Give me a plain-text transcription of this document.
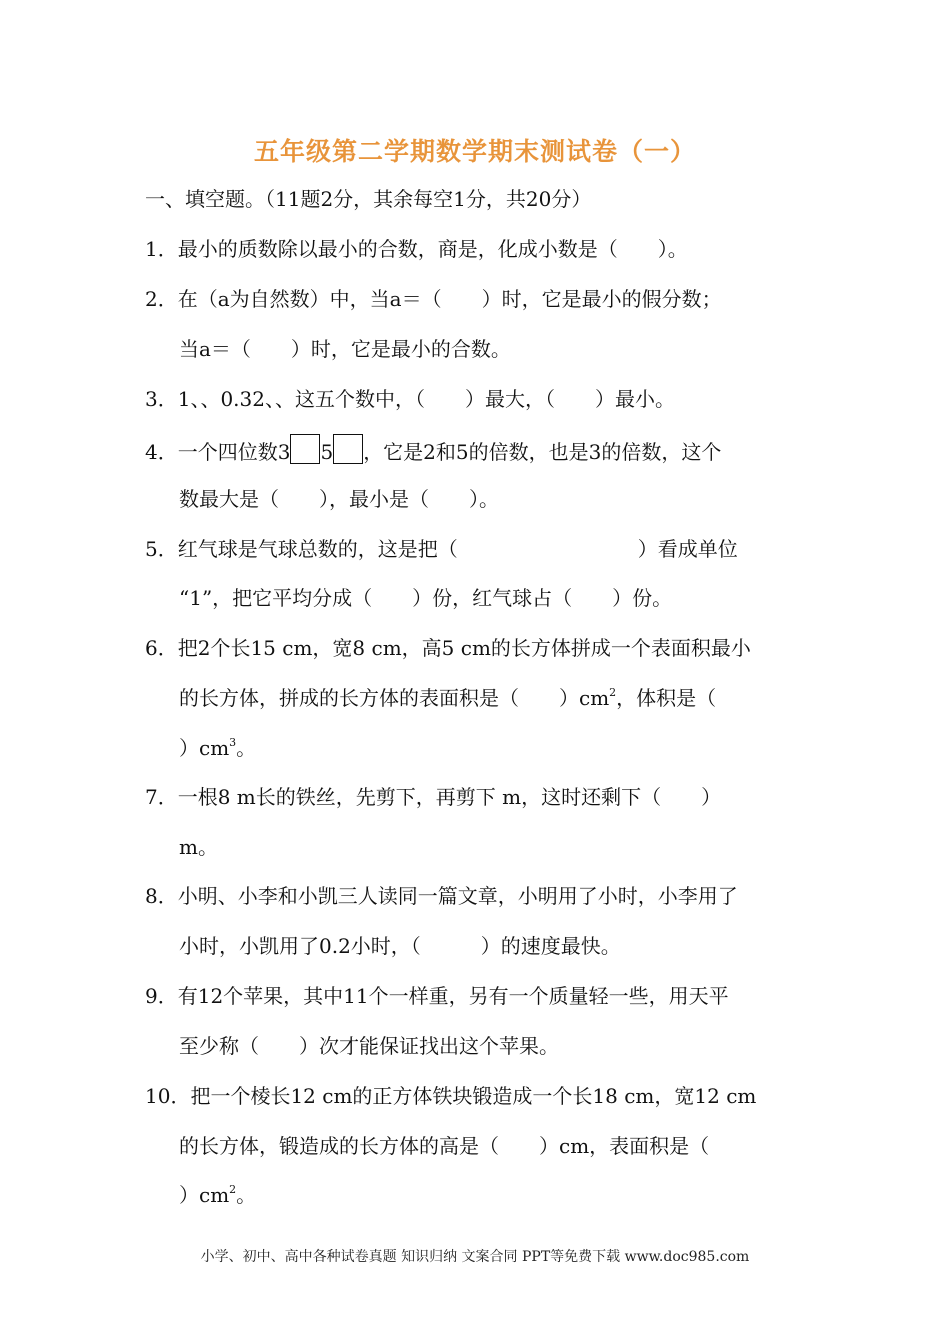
五年级第二学期数学期末测试卷（一）
一、填空题。（11题2分，其余每空1分，共20分）
1．最小的质数除以最小的合数，商是，化成小数是（　　）。
2．在（a为自然数）中，当a＝（　　）时，它是最小的假分数；
当a＝（　　）时，它是最小的合数。
3．1、、0.32、、这五个数中，（　　）最大，（　　）最小。
4．一个四位数3 5 ，它是2和5的倍数，也是3的倍数，这个
数最大是（　　），最小是（　　）。
5．红气球是气球总数的，这是把（　　　　　　　　　）看成单位
“1”，把它平均分成（　　）份，红气球占（　　）份。
6．把2个长15 cm，宽8 cm，高5 cm的长方体拼成一个表面积最小
的长方体，拼成的长方体的表面积是（　　）$cm^2$，体积是（
）$cm^3$。
7．一根8 m长的铁丝，先剪下，再剪下 m，这时还剩下（　　）
m。
8．小明、小李和小凯三人读同一篇文章，小明用了小时，小李用了
小时，小凯用了0.2小时，（　　　）的速度最快。
9．有12个苹果，其中11个一样重，另有一个质量轻一些，用天平
至少称（　　）次才能保证找出这个苹果。
10．把一个棱长12 cm的正方体铁块锻造成一个长18 cm，宽12 cm
的长方体，锻造成的长方体的高是（　　）cm，表面积是（
）$cm^2$。
小学、初中、高中各种试卷真题 知识归纳 文案合同 PPT等免费下载 www.doc985.com
